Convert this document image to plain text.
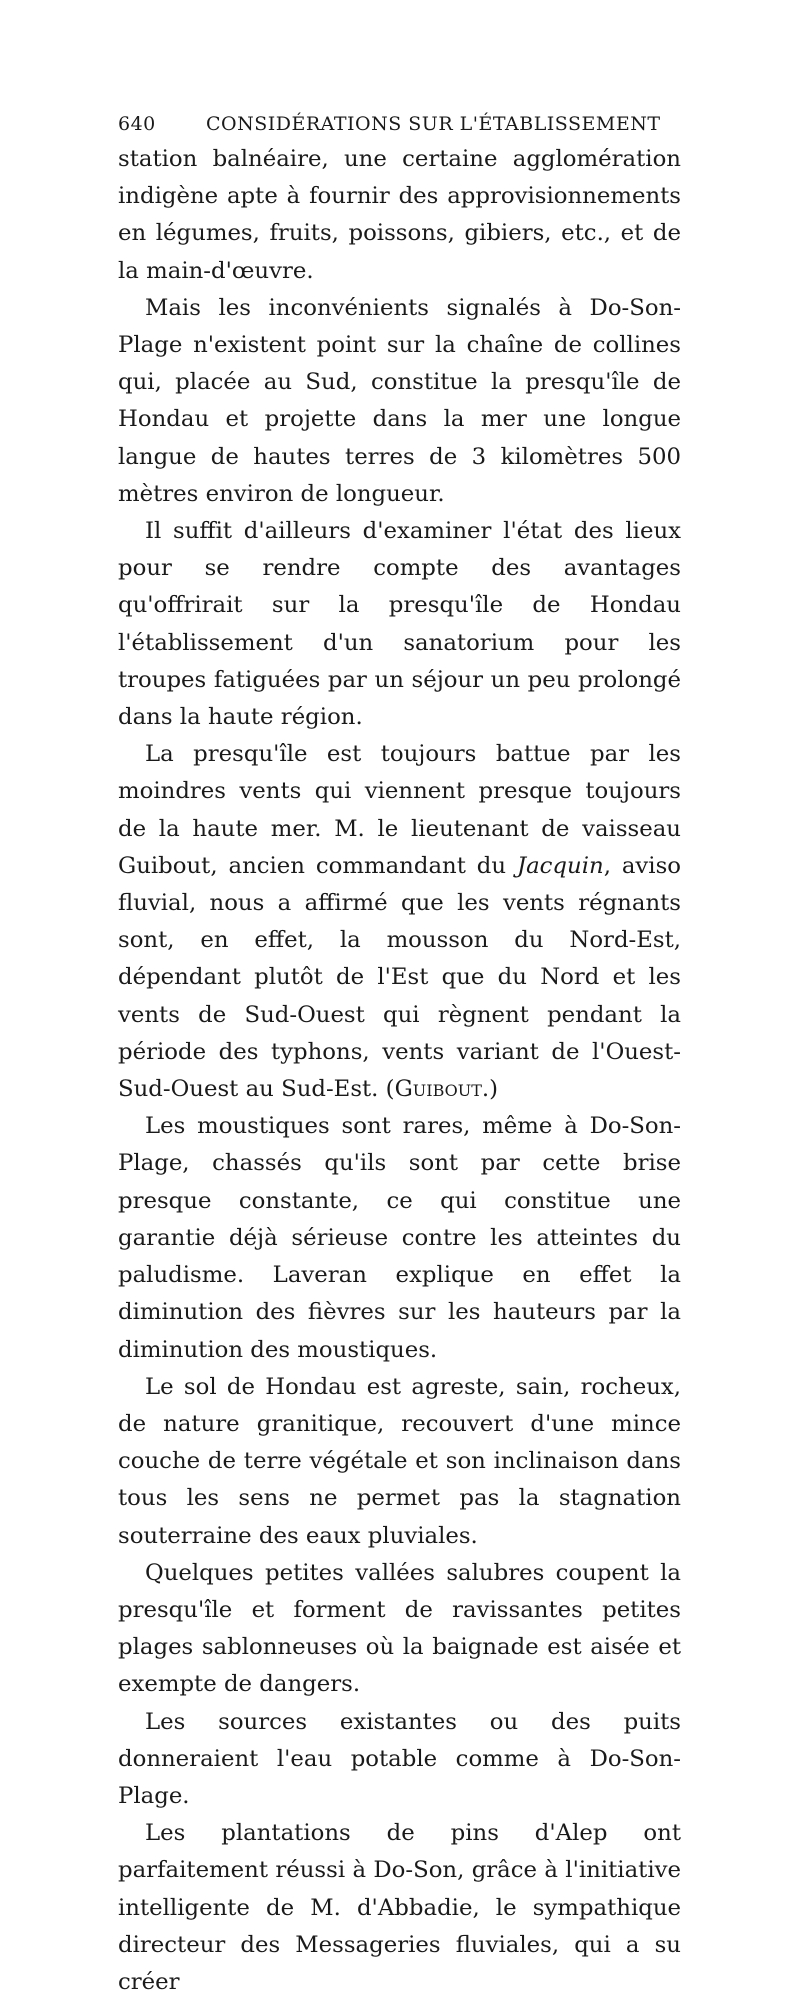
640	CONSIDÉRATIONS SUR L'ÉTABLISSEMENT

station balnéaire, une certaine agglomération indigène apte à fournir des approvisionnements en légumes, fruits, poissons, gibiers, etc., et de la main-d'œuvre.

Mais les inconvénients signalés à Do-Son-Plage n'existent point sur la chaîne de collines qui, placée au Sud, constitue la presqu'île de Hondau et projette dans la mer une longue langue de hautes terres de 3 kilomètres 500 mètres environ de longueur.

Il suffit d'ailleurs d'examiner l'état des lieux pour se rendre compte des avantages qu'offrirait sur la presqu'île de Hondau l'établissement d'un sanatorium pour les troupes fatiguées par un séjour un peu prolongé dans la haute région.

La presqu'île est toujours battue par les moindres vents qui viennent presque toujours de la haute mer. M. le lieutenant de vaisseau Guibout, ancien commandant du Jacquin, aviso fluvial, nous a affirmé que les vents régnants sont, en effet, la mousson du Nord-Est, dépendant plutôt de l'Est que du Nord et les vents de Sud-Ouest qui règnent pendant la période des typhons, vents variant de l'Ouest-Sud-Ouest au Sud-Est. (Guibout.)

Les moustiques sont rares, même à Do-Son-Plage, chassés qu'ils sont par cette brise presque constante, ce qui constitue une garantie déjà sérieuse contre les atteintes du paludisme. Laveran explique en effet la diminution des fièvres sur les hauteurs par la diminution des moustiques.

Le sol de Hondau est agreste, sain, rocheux, de nature granitique, recouvert d'une mince couche de terre végétale et son inclinaison dans tous les sens ne permet pas la stagnation souterraine des eaux pluviales.

Quelques petites vallées salubres coupent la presqu'île et forment de ravissantes petites plages sablonneuses où la baignade est aisée et exempte de dangers.

Les sources existantes ou des puits donneraient l'eau potable comme à Do-Son-Plage.

Les plantations de pins d'Alep ont parfaitement réussi à Do-Son, grâce à l'initiative intelligente de M. d'Abbadie, le sympathique directeur des Messageries fluviales, qui a su créer
